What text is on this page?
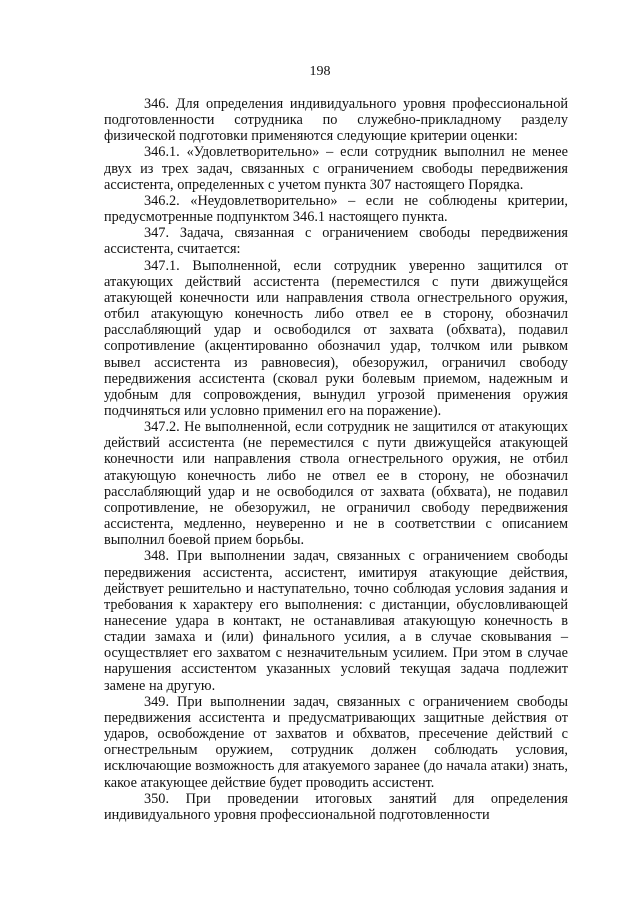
198

346. Для определения индивидуального уровня профессиональной подготовленности сотрудника по служебно-прикладному разделу физической подготовки применяются следующие критерии оценки:

346.1. «Удовлетворительно» – если сотрудник выполнил не менее двух из трех задач, связанных с ограничением свободы передвижения ассистента, определенных с учетом пункта 307 настоящего Порядка.

346.2. «Неудовлетворительно» – если не соблюдены критерии, предусмотренные подпунктом 346.1 настоящего пункта.

347. Задача, связанная с ограничением свободы передвижения ассистента, считается:

347.1. Выполненной, если сотрудник уверенно защитился от атакующих действий ассистента (переместился с пути движущейся атакующей конечности или направления ствола огнестрельного оружия, отбил атакующую конечность либо отвел ее в сторону, обозначил расслабляющий удар и освободился от захвата (обхвата), подавил сопротивление (акцентированно обозначил удар, толчком или рывком вывел ассистента из равновесия), обезоружил, ограничил свободу передвижения ассистента (сковал руки болевым приемом, надежным и удобным для сопровождения, вынудил угрозой применения оружия подчиняться или условно применил его на поражение).

347.2. Не выполненной, если сотрудник не защитился от атакующих действий ассистента (не переместился с пути движущейся атакующей конечности или направления ствола огнестрельного оружия, не отбил атакующую конечность либо не отвел ее в сторону, не обозначил расслабляющий удар и не освободился от захвата (обхвата), не подавил сопротивление, не обезоружил, не ограничил свободу передвижения ассистента, медленно, неуверенно и не в соответствии с описанием выполнил боевой прием борьбы.

348. При выполнении задач, связанных с ограничением свободы передвижения ассистента, ассистент, имитируя атакующие действия, действует решительно и наступательно, точно соблюдая условия задания и требования к характеру его выполнения: с дистанции, обусловливающей нанесение удара в контакт, не останавливая атакующую конечность в стадии замаха и (или) финального усилия, а в случае сковывания – осуществляет его захватом с незначительным усилием. При этом в случае нарушения ассистентом указанных условий текущая задача подлежит замене на другую.

349. При выполнении задач, связанных с ограничением свободы передвижения ассистента и предусматривающих защитные действия от ударов, освобождение от захватов и обхватов, пресечение действий с огнестрельным оружием, сотрудник должен соблюдать условия, исключающие возможность для атакуемого заранее (до начала атаки) знать, какое атакующее действие будет проводить ассистент.

350. При проведении итоговых занятий для определения индивидуального уровня профессиональной подготовленности
